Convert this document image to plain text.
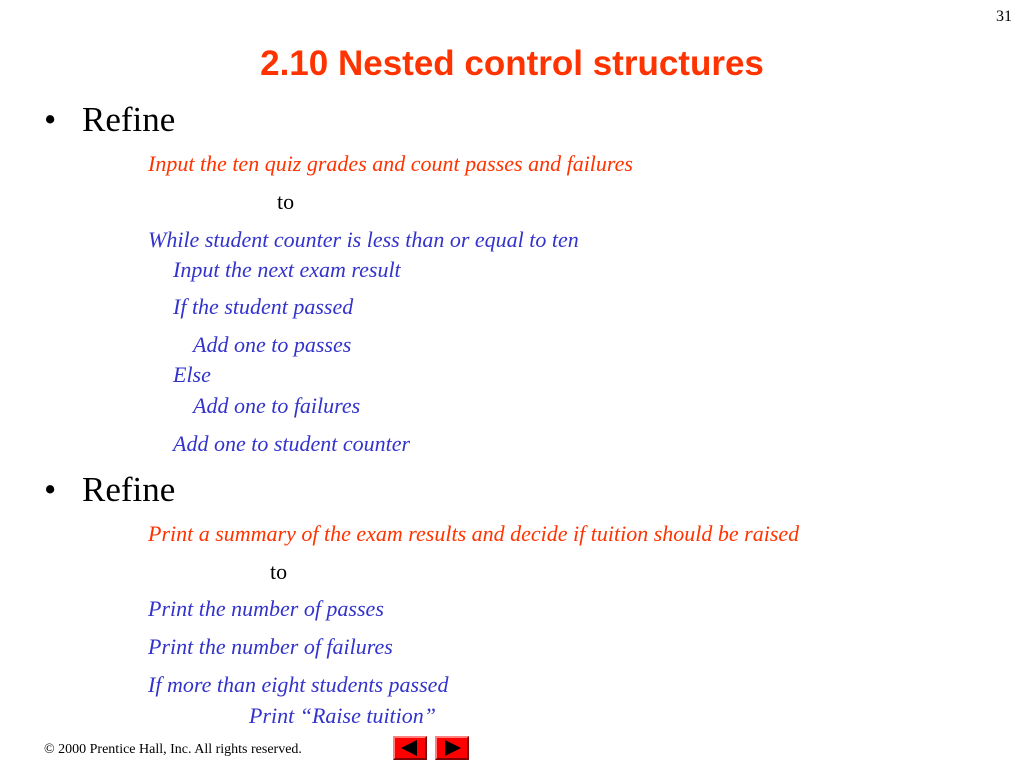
31
2.10 Nested control structures
• Refine
Input the ten quiz grades and count passes and failures
to
While student counter is less than or equal to ten
Input the next exam result
If the student passed
Add one to passes
Else
Add one to failures
Add one to student counter
• Refine
Print a summary of the exam results and decide if tuition should be raised
to
Print the number of passes
Print the number of failures
If more than eight students passed
Print “Raise tuition”
© 2000 Prentice Hall, Inc. All rights reserved.
